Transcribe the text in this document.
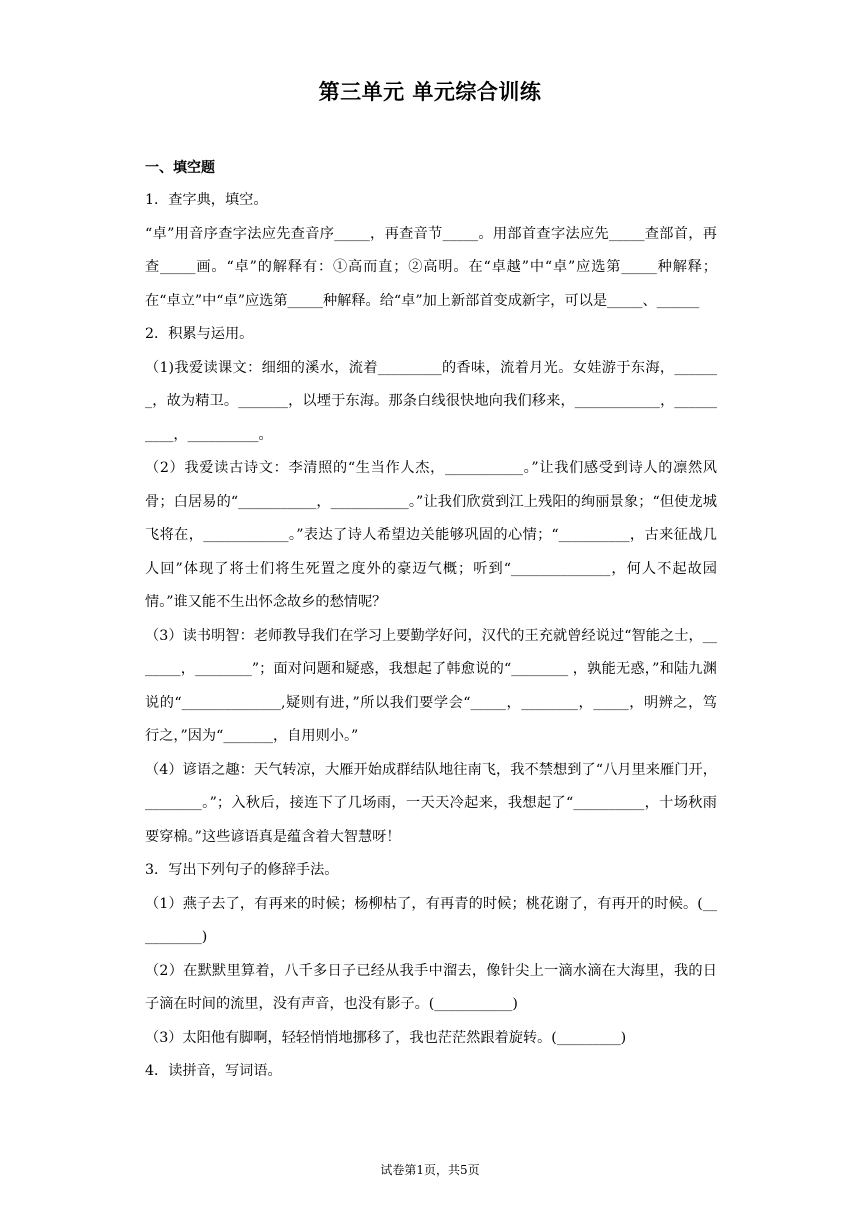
第三单元 单元综合训练
一、填空题

1．查字典，填空。

“卓”用音序查字法应先查音序_____，再查音节_____。用部首查字法应先_____查部首，再查_____画。“卓”的解释有：①高而直；②高明。在“卓越”中“卓”应选第_____种解释；在“卓立”中“卓”应选第_____种解释。给“卓”加上新部首变成新字，可以是_____、______

2．积累与运用。

（1)我爱读课文：细细的溪水，流着_________的香味，流着月光。女娃游于东海，_______，故为精卫。_______，以堙于东海。那条白线很快地向我们移来，____________，__________，__________。

（2）我爱读古诗文：李清照的“生当作人杰，___________。”让我们感受到诗人的凛然风骨；白居易的“___________，___________。”让我们欣赏到江上残阳的绚丽景象；“但使龙城飞将在，____________。”表达了诗人希望边关能够巩固的心情；“__________，古来征战几人回”体现了将士们将生死置之度外的豪迈气概；听到“______________，何人不起故园情。”谁又能不生出怀念故乡的愁情呢？

（3）读书明智：老师教导我们在学习上要勤学好问，汉代的王充就曾经说过“智能之士，_______，________”；面对问题和疑惑，我想起了韩愈说的“________ ，孰能无惑，”和陆九渊说的“______________,疑则有进，”所以我们要学会“_____，________，_____，明辨之，笃行之，”因为“_______，自用则小。”

（4）谚语之趣：天气转凉，大雁开始成群结队地往南飞，我不禁想到了“八月里来雁门开，________。”；入秋后，接连下了几场雨，一天天冷起来，我想起了“__________，十场秋雨要穿棉。”这些谚语真是蕴含着大智慧呀！

3．写出下列句子的修辞手法。

（1）燕子去了，有再来的时候；杨柳枯了，有再青的时候；桃花谢了，有再开的时候。(__________)

（2）在默默里算着，八千多日子已经从我手中溜去，像针尖上一滴水滴在大海里，我的日子滴在时间的流里，没有声音，也没有影子。(___________)

（3）太阳他有脚啊，轻轻悄悄地挪移了，我也茫茫然跟着旋转。(_________)

4．读拼音，写词语。

试卷第1页，共5页
